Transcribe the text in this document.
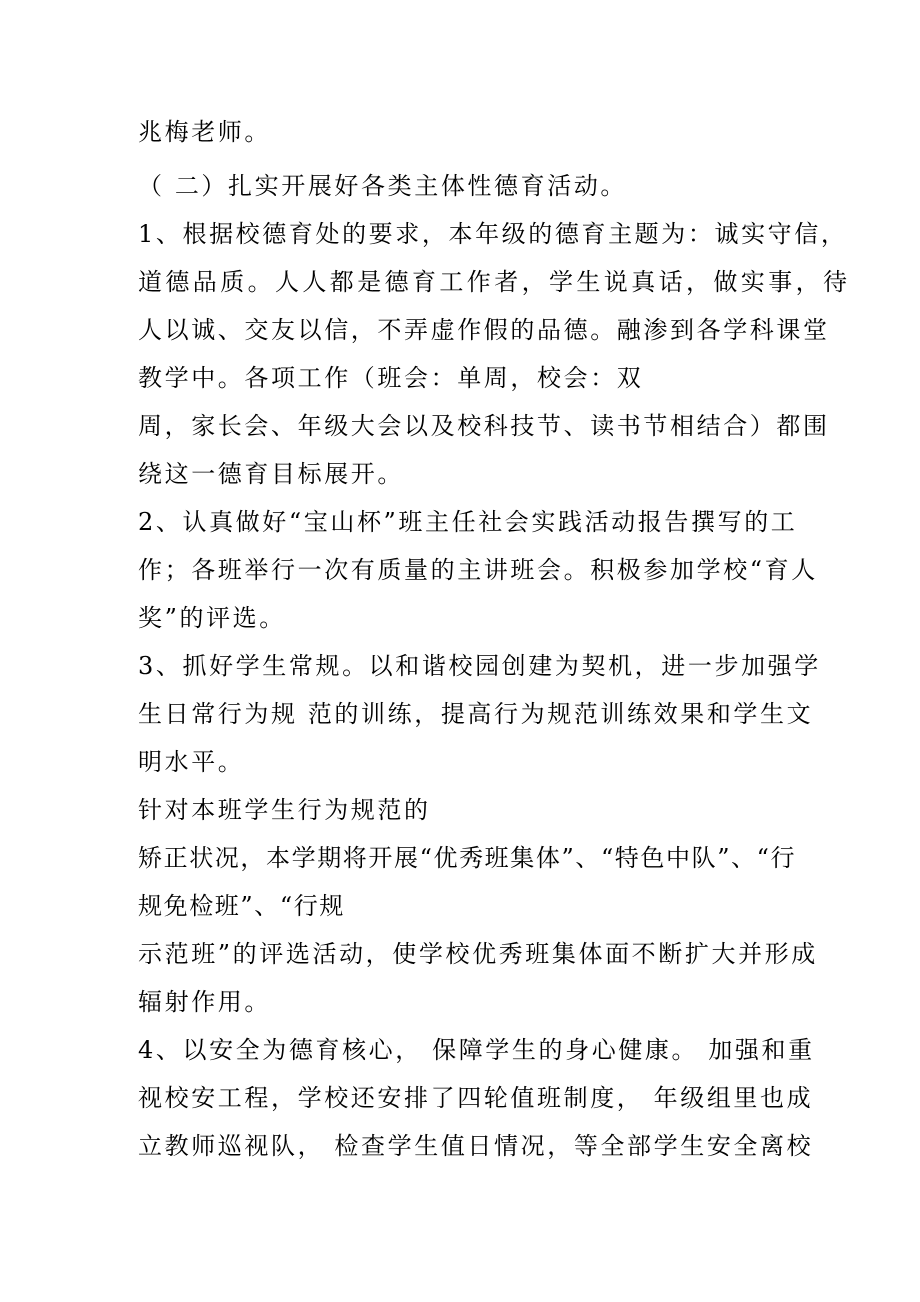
兆梅老师。
（ 二）扎实开展好各类主体性德育活动。
1、根据校德育处的要求，本年级的德育主题为：诚实守信，
道德品质。人人都是德育工作者，学生说真话，做实事，待
人以诚、交友以信，不弄虚作假的品德。融渗到各学科课堂
教学中。各项工作（班会：单周，校会：双
周，家长会、年级大会以及校科技节、读书节相结合）都围
绕这一德育目标展开。
2、认真做好“宝山杯”班主任社会实践活动报告撰写的工
作；各班举行一次有质量的主讲班会。积极参加学校“育人
奖”的评选。
3、抓好学生常规。以和谐校园创建为契机，进一步加强学
生日常行为规 范的训练，提高行为规范训练效果和学生文
明水平。
针对本班学生行为规范的
矫正状况，本学期将开展“优秀班集体”、“特色中队”、“行
规免检班”、“行规
示范班”的评选活动，使学校优秀班集体面不断扩大并形成
辐射作用。
4、以安全为德育核心， 保障学生的身心健康。 加强和重
视校安工程，学校还安排了四轮值班制度， 年级组里也成
立教师巡视队， 检查学生值日情况，等全部学生安全离校
